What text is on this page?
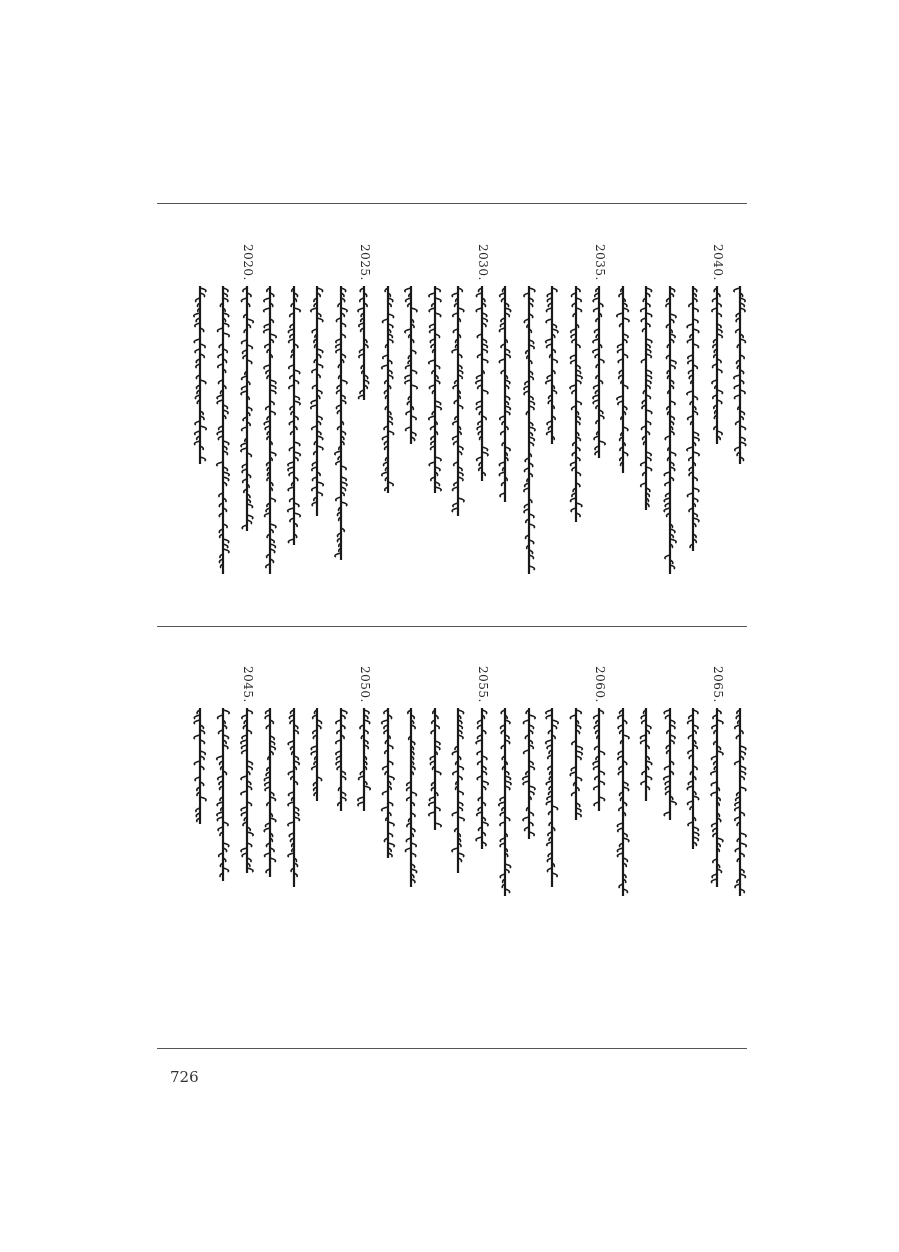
2040.
2035.
2030.
2025.
2020.
2065.
2060.
2055.
2050.
2045.
726
